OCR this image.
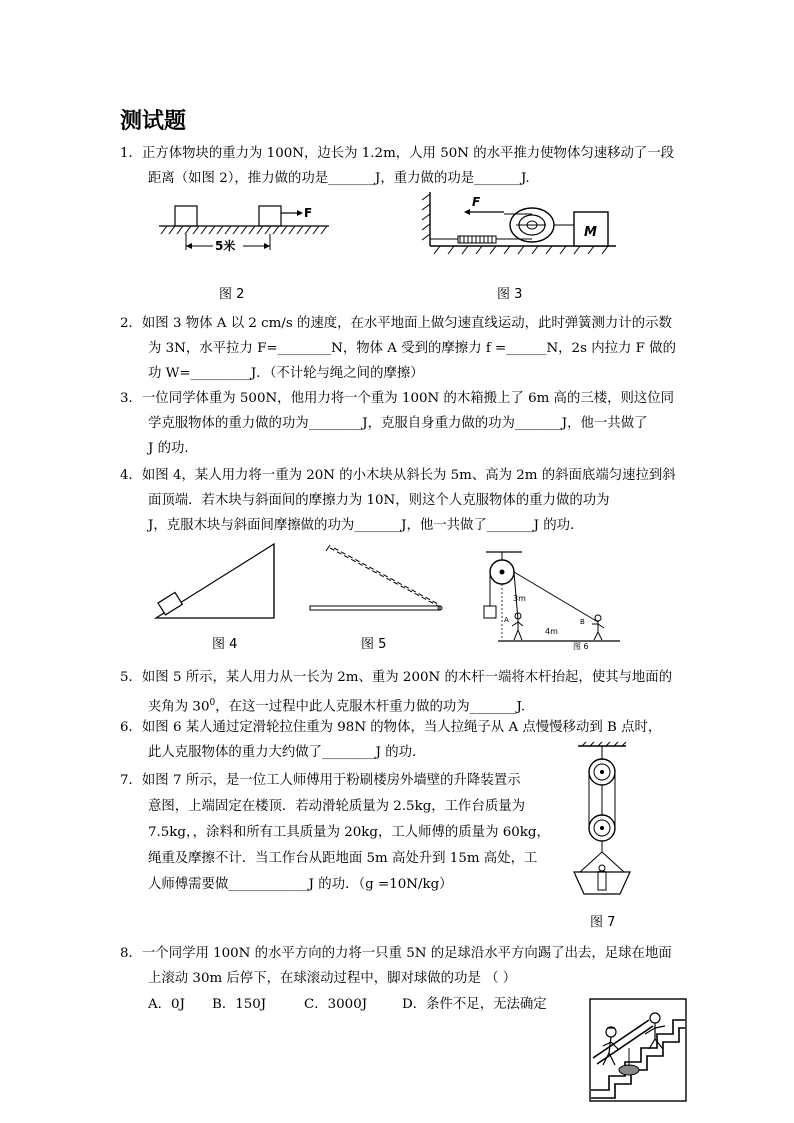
测试题
1．正方体物块的重力为 100N，边长为 1.2m，人用 50N 的水平推力使物体匀速移动了一段
距离（如图 2），推力做的功是_______J，重力做的功是_______J.
F
5米
图 2
F
M
图 3
2．如图 3 物体 A 以 2 cm/s 的速度，在水平地面上做匀速直线运动，此时弹簧测力计的示数
为 3N，水平拉力 F=________N，物体 A 受到的摩擦力 f =______N，2s 内拉力 F 做的
功 W=_________J．（不计轮与绳之间的摩擦）
3．一位同学体重为 500N，他用力将一个重为 100N 的木箱搬上了 6m 高的三楼，则这位同
学克服物体的重力做的功为________J，克服自身重力做的功为_______J，他一共做了
J 的功．
4．如图 4，某人用力将一重为 20N 的小木块从斜长为 5m、高为 2m 的斜面底端匀速拉到斜
面顶端．若木块与斜面间的摩擦力为 10N，则这个人克服物体的重力做的功为
J，克服木块与斜面间摩擦做的功为_______J，他一共做了_______J 的功．
图 4	图 5
3m
4m
A	B
图 6
5．如图 5 所示，某人用力从一长为 2m、重为 200N 的木杆一端将木杆抬起，使其与地面的
夹角为 $30^0$，在这一过程中此人克服木杆重力做的功为_______J.
6．如图 6 某人通过定滑轮拉住重为 98N 的物体，当人拉绳子从 A 点慢慢移动到 B 点时，
此人克服物体的重力大约做了________J 的功．
7．如图 7 所示，是一位工人师傅用于粉刷楼房外墙壁的升降装置示
意图，上端固定在楼顶．若动滑轮质量为 2.5kg，工作台质量为
7.5kg，，涂料和所有工具质量为 20kg，工人师傅的质量为 60kg，
绳重及摩擦不计．当工作台从距地面 5m 高处升到 15m 高处，工
人师傅需要做____________J 的功．（g =10N/kg）
图 7
8．一个同学用 100N 的水平方向的力将一只重 5N 的足球沿水平方向踢了出去，足球在地面
上滚动 30m 后停下，在球滚动过程中，脚对球做的功是 （ ）
A．0J B．150J	C．3000J	D．条件不足，无法确定
